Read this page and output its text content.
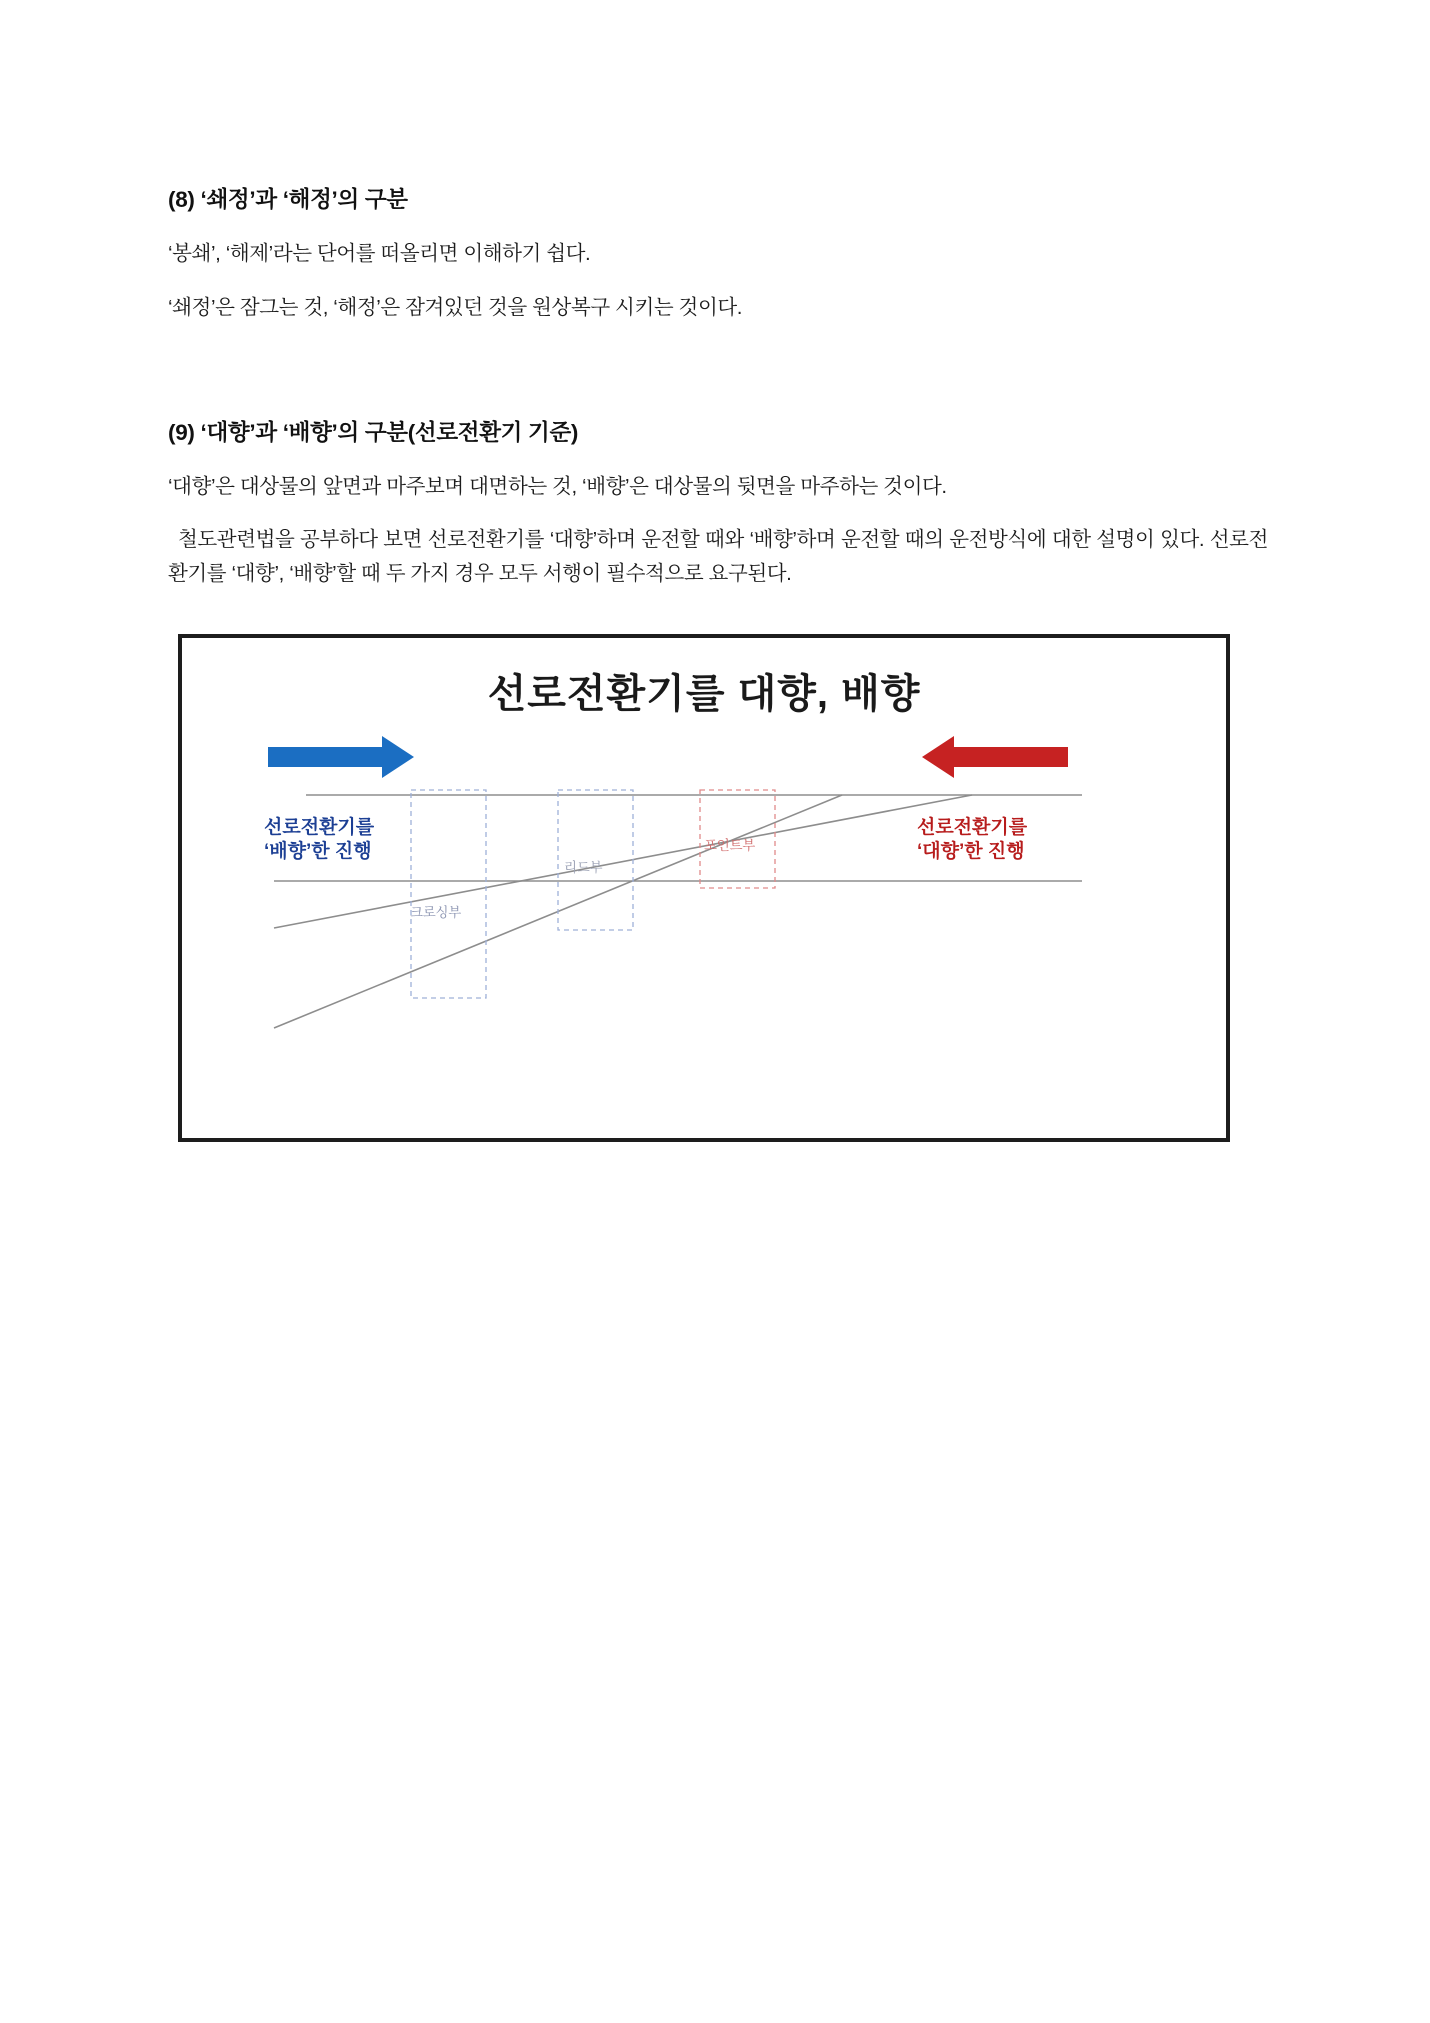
(8) ‘쇄정’과 ‘해정’의 구분

‘봉쇄’, ‘해제’라는 단어를 떠올리면 이해하기 쉽다.

‘쇄정’은 잠그는 것, ‘해정’은 잠겨있던 것을 원상복구 시키는 것이다.

(9) ‘대향’과 ‘배향’의 구분(선로전환기 기준)

‘대향’은 대상물의 앞면과 마주보며 대면하는 것, ‘배향’은 대상물의 뒷면을 마주하는 것이다.

철도관련법을 공부하다 보면 선로전환기를 ‘대향’하며 운전할 때와 ‘배향’하며 운전할 때의 운전방식에 대한 설명이 있다. 선로전환기를 ‘대향’, ‘배향’할 때 두 가지 경우 모두 서행이 필수적으로 요구된다.

선로전환기를 대향, 배향
선로전환기를
‘배향’한 진행
선로전환기를
‘대향’한 진행
크로싱부
리드부
포인트부
